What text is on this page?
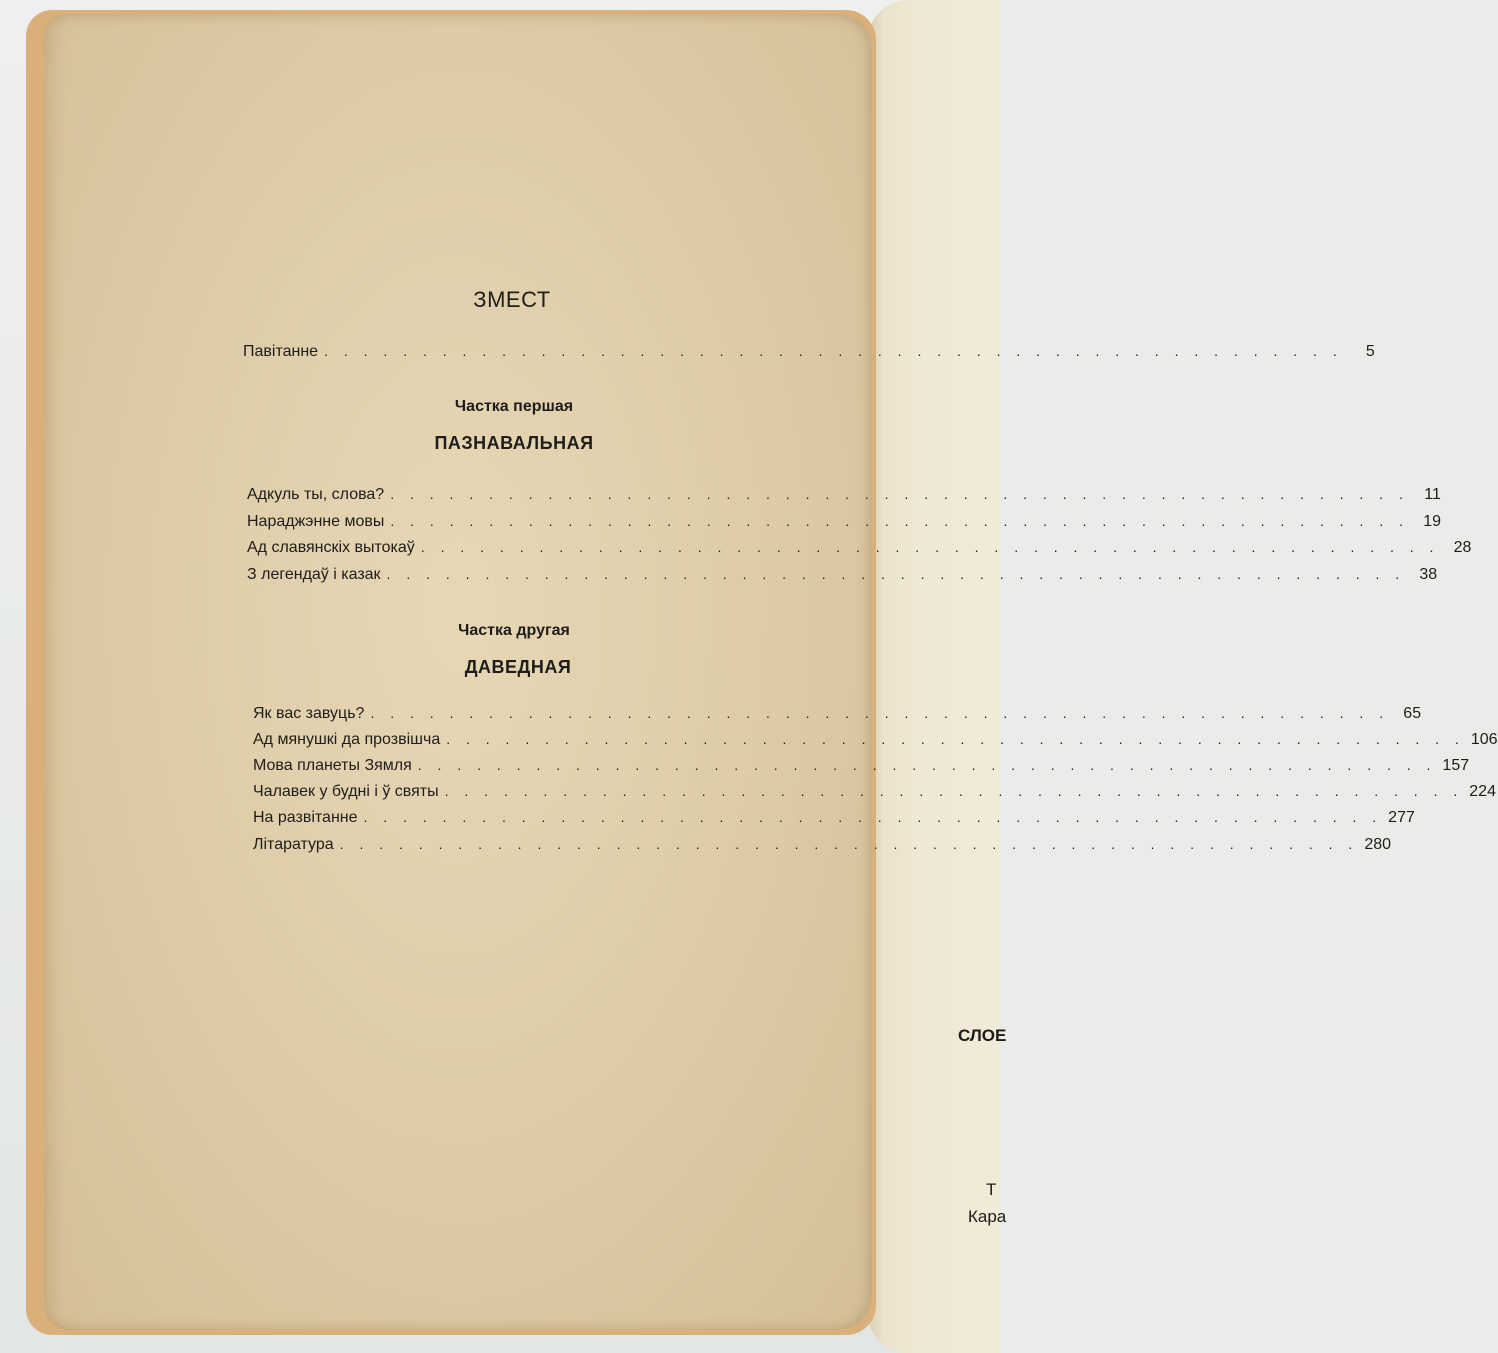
СЛОЕ
Т
Кара
ЗМЕСТ
Павітанне . . .	5
Частка першая
ПАЗНАВАЛЬНАЯ
Адкуль ты, слова? . . .	11
Нараджэнне мовы . . .	19
Ад славянскіх вытокаў . . .	28
З легендаў і казак . . .	38
Частка другая
ДАВЕДНАЯ
Як вас завуць? . . .	65
Ад мянушкі да прозвішча . . .	106
Мова планеты Зямля . . .	157
Чалавек у будні і ў святы . . .	224
На развітанне . . .	277
Літаратура . . .	280
